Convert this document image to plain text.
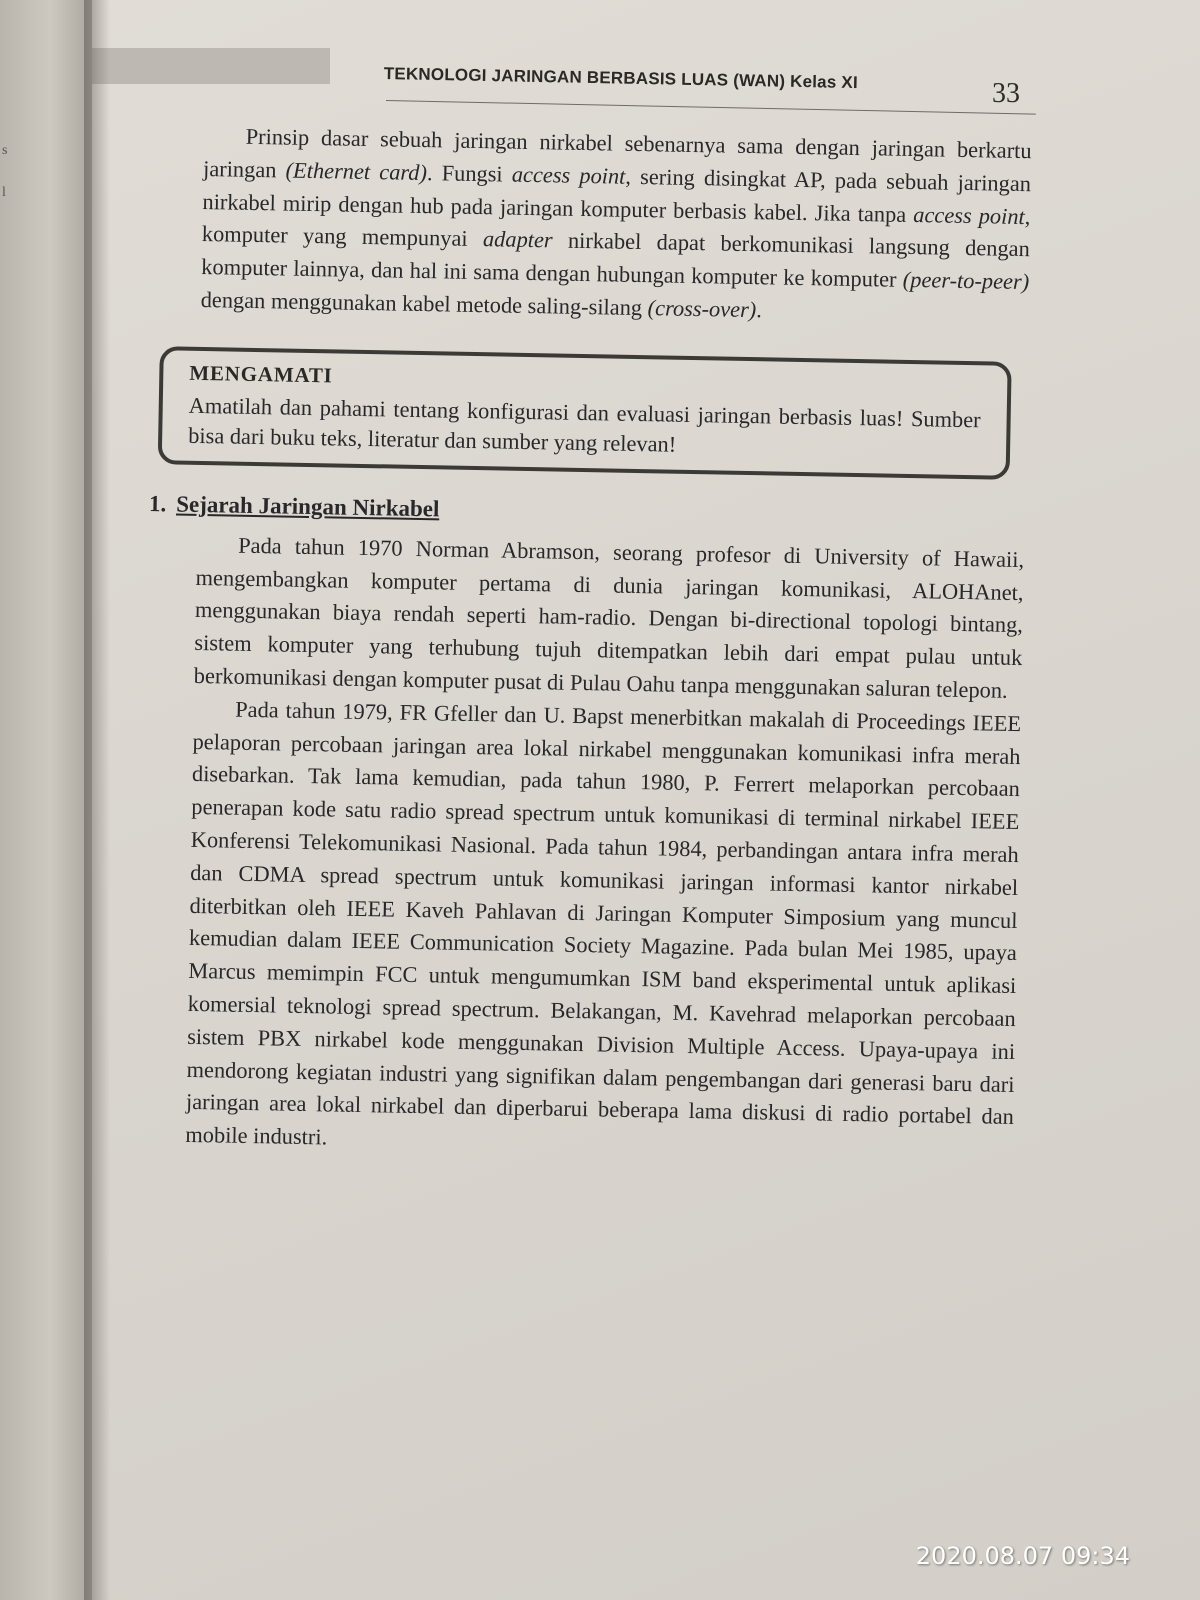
s
l
TEKNOLOGI JARINGAN BERBASIS LUAS (WAN) Kelas XI	33

Prinsip dasar sebuah jaringan nirkabel sebenarnya sama dengan jaringan berkartu jaringan (Ethernet card). Fungsi access point, sering disingkat AP, pada sebuah jaringan nirkabel mirip dengan hub pada jaringan komputer berbasis kabel. Jika tanpa access point, komputer yang mempunyai adapter nirkabel dapat berkomunikasi langsung dengan komputer lainnya, dan hal ini sama dengan hubungan komputer ke komputer (peer-to-peer) dengan menggunakan kabel metode saling-silang (cross-over).

MENGAMATI
Amatilah dan pahami tentang konfigurasi dan evaluasi jaringan berbasis luas! Sumber bisa dari buku teks, literatur dan sumber yang relevan!
1. Sejarah Jaringan Nirkabel

Pada tahun 1970 Norman Abramson, seorang profesor di University of Hawaii, mengembangkan komputer pertama di dunia jaringan komunikasi, ALOHAnet, menggunakan biaya rendah seperti ham-radio. Dengan bi-directional topologi bintang, sistem komputer yang terhubung tujuh ditempatkan lebih dari empat pulau untuk berkomunikasi dengan komputer pusat di Pulau Oahu tanpa menggunakan saluran telepon.

Pada tahun 1979, FR Gfeller dan U. Bapst menerbitkan makalah di Proceedings IEEE pelaporan percobaan jaringan area lokal nirkabel menggunakan komunikasi infra merah disebarkan. Tak lama kemudian, pada tahun 1980, P. Ferrert melaporkan percobaan penerapan kode satu radio spread spectrum untuk komunikasi di terminal nirkabel IEEE Konferensi Telekomunikasi Nasional. Pada tahun 1984, perbandingan antara infra merah dan CDMA spread spectrum untuk komunikasi jaringan informasi kantor nirkabel diterbitkan oleh IEEE Kaveh Pahlavan di Jaringan Komputer Simposium yang muncul kemudian dalam IEEE Communication Society Magazine. Pada bulan Mei 1985, upaya Marcus memimpin FCC untuk mengumumkan ISM band eksperimental untuk aplikasi komersial teknologi spread spectrum. Belakangan, M. Kavehrad melaporkan percobaan sistem PBX nirkabel kode menggunakan Division Multiple Access. Upaya-upaya ini mendorong kegiatan industri yang signifikan dalam pengembangan dari generasi baru dari jaringan area lokal nirkabel dan diperbarui beberapa lama diskusi di radio portabel dan mobile industri.

2020.08.07 09:34
